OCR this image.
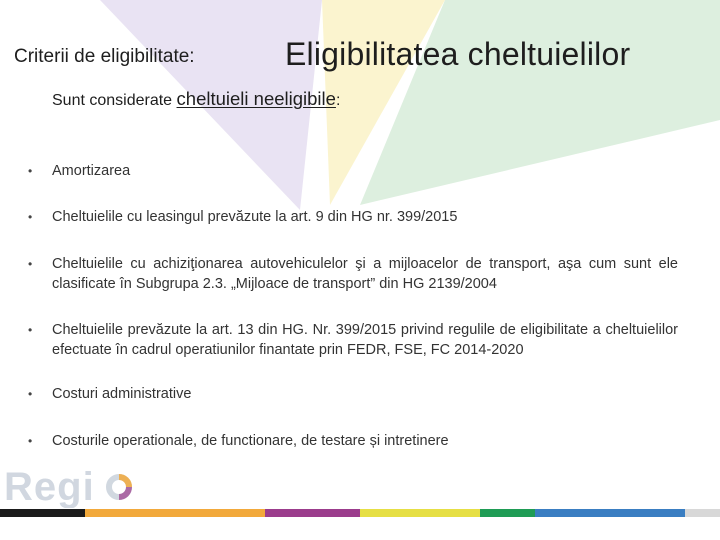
Criterii de eligibilitate:	Eligibilitatea cheltuielilor
Sunt considerate cheltuieli neeligibile:
• Amortizarea
• Cheltuielile cu leasingul prevăzute la art. 9 din HG nr. 399/2015
• Cheltuielile cu achiziţionarea autovehiculelor şi a mijloacelor de transport, aşa cum sunt ele clasificate în Subgrupa 2.3. „Mijloace de transport” din HG 2139/2004
• Cheltuielile prevăzute la art. 13 din HG. Nr. 399/2015 privind regulile de eligibilitate a cheltuielilor efectuate în cadrul operatiunilor finantate prin FEDR, FSE, FC 2014-2020
• Costuri administrative
• Costurile operationale, de functionare, de testare și intretinere
Regi
